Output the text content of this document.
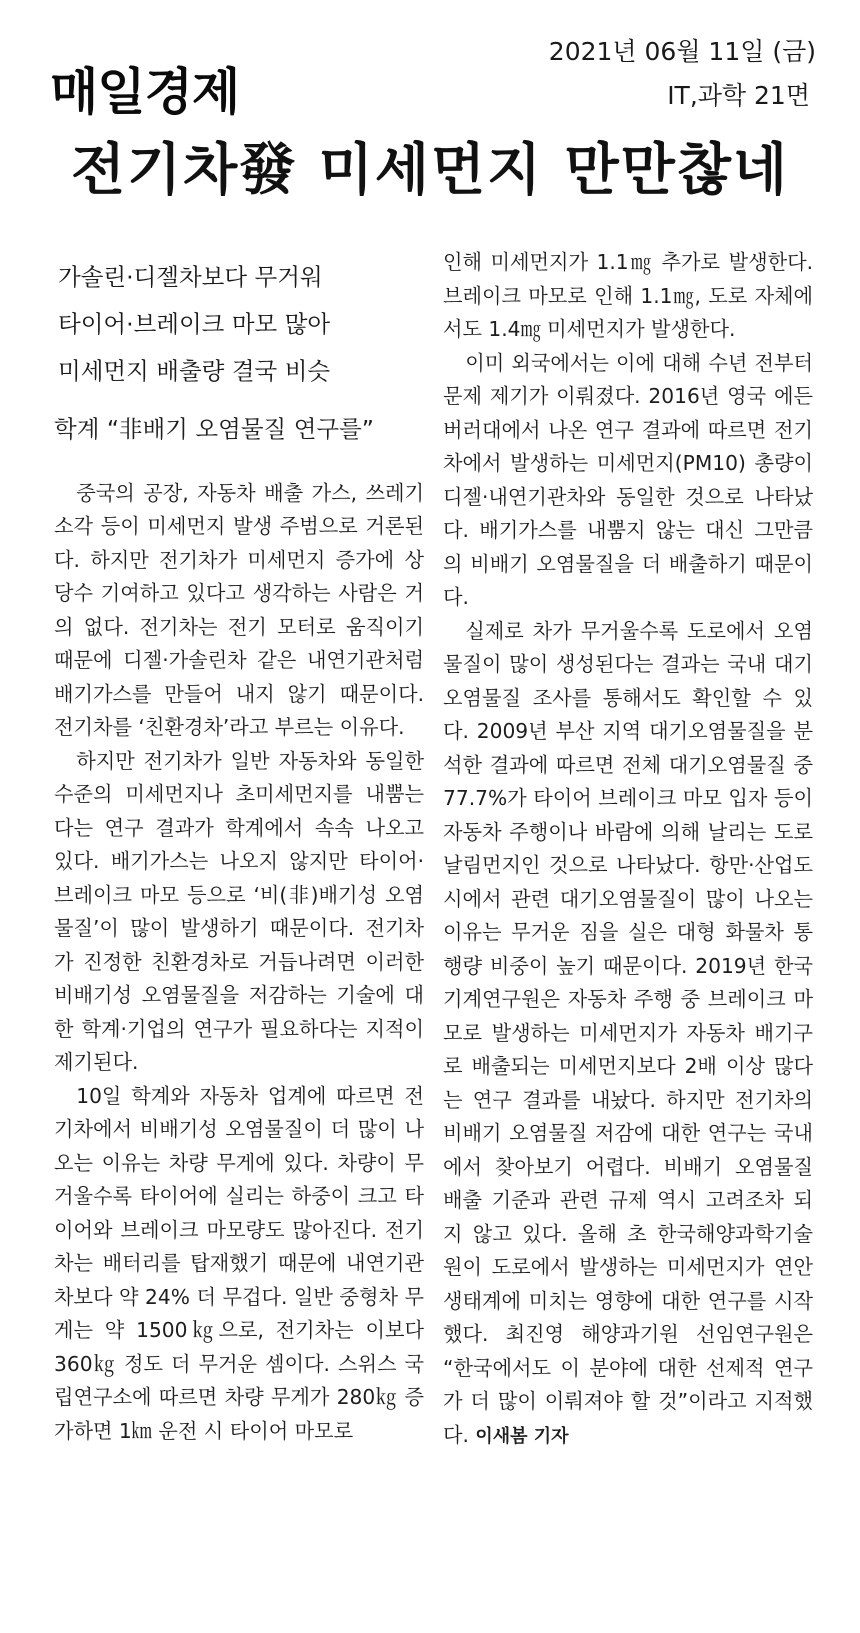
매일경제
2021년 06월 11일 (금)
IT,과학 21면
전기차發 미세먼지 만만찮네
가솔린·디젤차보다 무거워
타이어·브레이크 마모 많아
미세먼지 배출량 결국 비슷
학계 “非배기 오염물질 연구를”

중국의 공장, 자동차 배출 가스, 쓰레기 소각 등이 미세먼지 발생 주범으로 거론된다. 하지만 전기차가 미세먼지 증가에 상당수 기여하고 있다고 생각하는 사람은 거의 없다. 전기차는 전기 모터로 움직이기 때문에 디젤·가솔린차 같은 내연기관처럼 배기가스를 만들어 내지 않기 때문이다. 전기차를 ‘친환경차’라고 부르는 이유다.

하지만 전기차가 일반 자동차와 동일한 수준의 미세먼지나 초미세먼지를 내뿜는다는 연구 결과가 학계에서 속속 나오고 있다. 배기가스는 나오지 않지만 타이어·브레이크 마모 등으로 ‘비(非)배기성 오염물질’이 많이 발생하기 때문이다. 전기차가 진정한 친환경차로 거듭나려면 이러한 비배기성 오염물질을 저감하는 기술에 대한 학계·기업의 연구가 필요하다는 지적이 제기된다.

10일 학계와 자동차 업계에 따르면 전기차에서 비배기성 오염물질이 더 많이 나오는 이유는 차량 무게에 있다. 차량이 무거울수록 타이어에 실리는 하중이 크고 타이어와 브레이크 마모량도 많아진다. 전기차는 배터리를 탑재했기 때문에 내연기관차보다 약 24% 더 무겁다. 일반 중형차 무게는 약 1500㎏으로, 전기차는 이보다 360㎏ 정도 더 무거운 셈이다. 스위스 국립연구소에 따르면 차량 무게가 280㎏ 증가하면 1㎞ 운전 시 타이어 마모로

인해 미세먼지가 1.1㎎ 추가로 발생한다. 브레이크 마모로 인해 1.1㎎, 도로 자체에서도 1.4㎎ 미세먼지가 발생한다.

이미 외국에서는 이에 대해 수년 전부터 문제 제기가 이뤄졌다. 2016년 영국 에든버러대에서 나온 연구 결과에 따르면 전기차에서 발생하는 미세먼지(PM10) 총량이 디젤·내연기관차와 동일한 것으로 나타났다. 배기가스를 내뿜지 않는 대신 그만큼의 비배기 오염물질을 더 배출하기 때문이다.

실제로 차가 무거울수록 도로에서 오염물질이 많이 생성된다는 결과는 국내 대기오염물질 조사를 통해서도 확인할 수 있다. 2009년 부산 지역 대기오염물질을 분석한 결과에 따르면 전체 대기오염물질 중 77.7%가 타이어 브레이크 마모 입자 등이 자동차 주행이나 바람에 의해 날리는 도로 날림먼지인 것으로 나타났다. 항만·산업도시에서 관련 대기오염물질이 많이 나오는 이유는 무거운 짐을 실은 대형 화물차 통행량 비중이 높기 때문이다. 2019년 한국기계연구원은 자동차 주행 중 브레이크 마모로 발생하는 미세먼지가 자동차 배기구로 배출되는 미세먼지보다 2배 이상 많다는 연구 결과를 내놨다. 하지만 전기차의 비배기 오염물질 저감에 대한 연구는 국내에서 찾아보기 어렵다. 비배기 오염물질 배출 기준과 관련 규제 역시 고려조차 되지 않고 있다. 올해 초 한국해양과학기술원이 도로에서 발생하는 미세먼지가 연안 생태계에 미치는 영향에 대한 연구를 시작했다. 최진영 해양과기원 선임연구원은 “한국에서도 이 분야에 대한 선제적 연구가 더 많이 이뤄져야 할 것”이라고 지적했다. 이새봄 기자
